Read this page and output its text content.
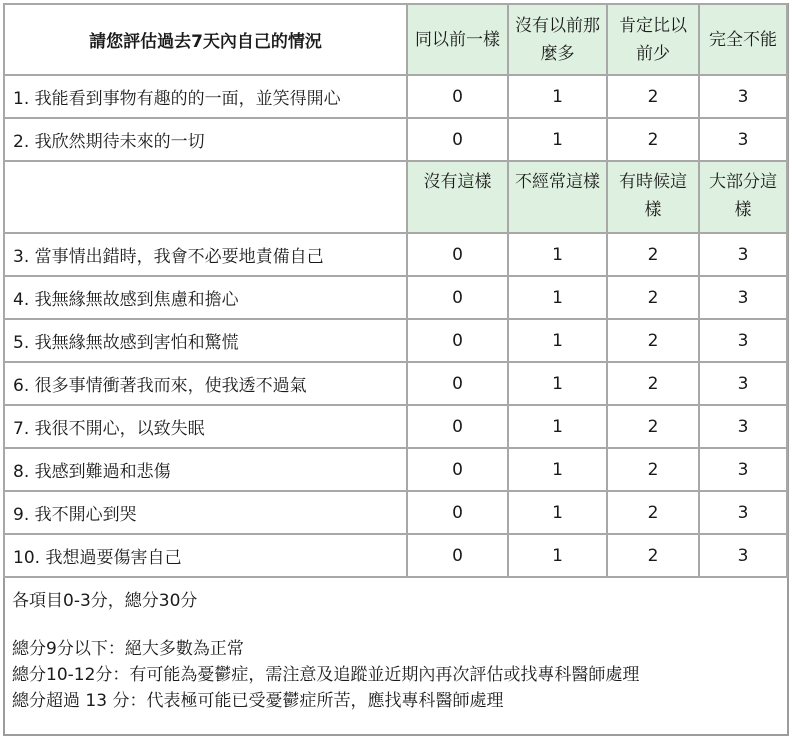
請您評估過去7天內自己的情況	同以前一樣	沒有以前那麼多	肯定比以前少	完全不能
1. 我能看到事物有趣的的一面，並笑得開心	0	1	2	3
2. 我欣然期待未來的一切	0	1	2	3
	沒有這樣	不經常這樣	有時候這樣	大部分這樣
3. 當事情出錯時，我會不必要地責備自己	0	1	2	3
4. 我無緣無故感到焦慮和擔心	0	1	2	3
5. 我無緣無故感到害怕和驚慌	0	1	2	3
6. 很多事情衝著我而來，使我透不過氣	0	1	2	3
7. 我很不開心，以致失眠	0	1	2	3
8. 我感到難過和悲傷	0	1	2	3
9. 我不開心到哭	0	1	2	3
10. 我想過要傷害自己	0	1	2	3
各項目0-3分，總分30分
總分9分以下：絕大多數為正常
總分10-12分：有可能為憂鬱症，需注意及追蹤並近期內再次評估或找專科醫師處理
總分超過 13 分：代表極可能已受憂鬱症所苦，應找專科醫師處理
